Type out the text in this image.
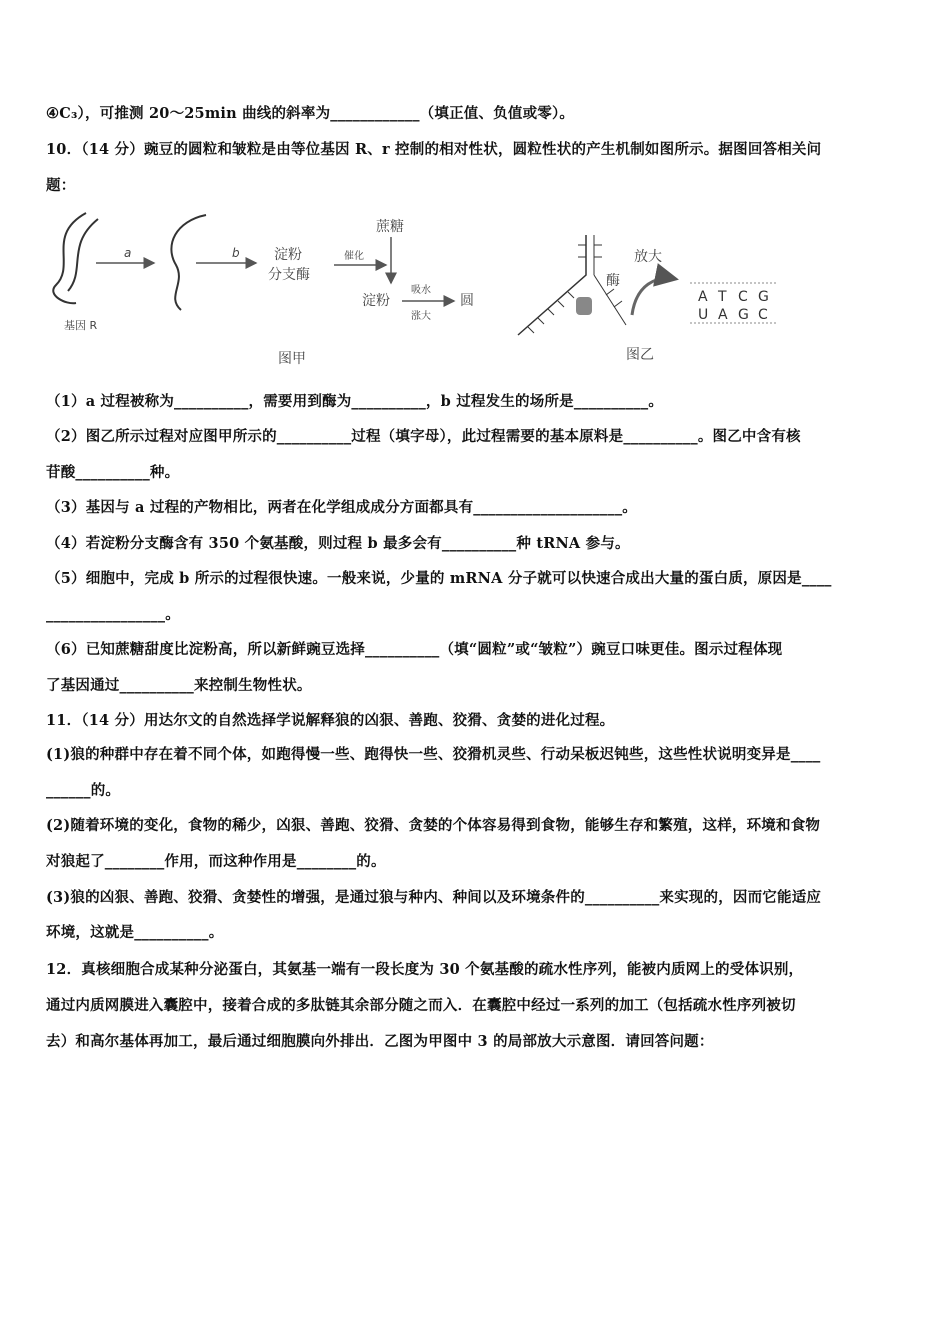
④C₃），可推测 20～25min 曲线的斜率为____________（填正值、负值或零）。
10．（14 分）豌豆的圆粒和皱粒是由等位基因 R、r 控制的相对性状，圆粒性状的产生机制如图所示。据图回答相关问
题：
基因 R
a	b 淀粉
分支酶
催化
蔗糖
淀粉
吸水
涨大
圆
图甲
酶
放大
A T C G
U A G C
图乙
（1）a 过程被称为__________，需要用到酶为__________，b 过程发生的场所是__________。
（2）图乙所示过程对应图甲所示的__________过程（填字母），此过程需要的基本原料是__________。图乙中含有核
苷酸__________种。
（3）基因与 a 过程的产物相比，两者在化学组成成分方面都具有____________________。
（4）若淀粉分支酶含有 350 个氨基酸，则过程 b 最多会有__________种 tRNA 参与。
（5）细胞中，完成 b 所示的过程很快速。一般来说，少量的 mRNA 分子就可以快速合成出大量的蛋白质，原因是____
________________。
（6）已知蔗糖甜度比淀粉高，所以新鲜豌豆选择__________（填“圆粒”或“皱粒”）豌豆口味更佳。图示过程体现
了基因通过__________来控制生物性状。
11．（14 分）用达尔文的自然选择学说解释狼的凶狠、善跑、狡猾、贪婪的进化过程。
(1)狼的种群中存在着不同个体，如跑得慢一些、跑得快一些、狡猾机灵些、行动呆板迟钝些，这些性状说明变异是____
______的。
(2)随着环境的变化，食物的稀少，凶狠、善跑、狡猾、贪婪的个体容易得到食物，能够生存和繁殖，这样，环境和食物
对狼起了________作用，而这种作用是________的。
(3)狼的凶狠、善跑、狡猾、贪婪性的增强，是通过狼与种内、种间以及环境条件的__________来实现的，因而它能适应
环境，这就是__________。
12．真核细胞合成某种分泌蛋白，其氨基一端有一段长度为 30 个氨基酸的疏水性序列，能被内质网上的受体识别，
通过内质网膜进入囊腔中，接着合成的多肽链其余部分随之而入．在囊腔中经过一系列的加工（包括疏水性序列被切
去）和高尔基体再加工，最后通过细胞膜向外排出．乙图为甲图中 3 的局部放大示意图．请回答问题：
